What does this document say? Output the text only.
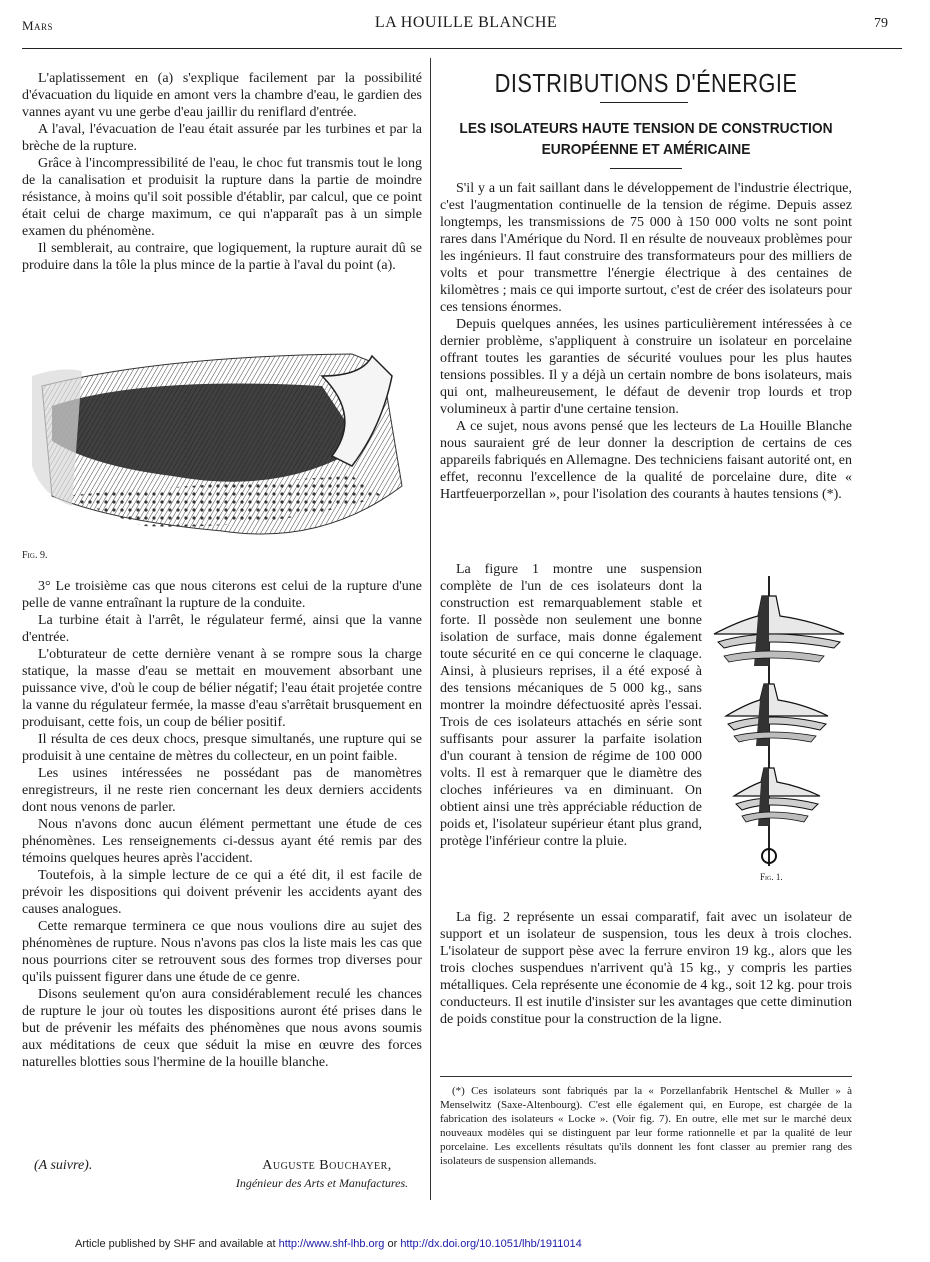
Mars	LA HOUILLE BLANCHE	79

L'aplatissement en (a) s'explique facilement par la possibilité d'évacuation du liquide en amont vers la chambre d'eau, le gardien des vannes ayant vu une gerbe d'eau jaillir du reniflard d'entrée.

A l'aval, l'évacuation de l'eau était assurée par les turbines et par la brèche de la rupture.

Grâce à l'incompressibilité de l'eau, le choc fut transmis tout le long de la canalisation et produisit la rupture dans la partie de moindre résistance, à moins qu'il soit possible d'établir, par calcul, que ce point était celui de charge maximum, ce qui n'apparaît pas à un simple examen du phénomène.

Il semblerait, au contraire, que logiquement, la rupture aurait dû se produire dans la tôle la plus mince de la partie à l'aval du point (a).

Fig. 9.

3° Le troisième cas que nous citerons est celui de la rupture d'une pelle de vanne entraînant la rupture de la conduite.

La turbine était à l'arrêt, le régulateur fermé, ainsi que la vanne d'entrée.

L'obturateur de cette dernière venant à se rompre sous la charge statique, la masse d'eau se mettait en mouvement absorbant une puissance vive, d'où le coup de bélier négatif; l'eau était projetée contre la vanne du régulateur fermée, la masse d'eau s'arrêtait brusquement en produisant, cette fois, un coup de bélier positif.

Il résulta de ces deux chocs, presque simultanés, une rupture qui se produisit à une centaine de mètres du collecteur, en un point faible.

Les usines intéressées ne possédant pas de manomètres enregistreurs, il ne reste rien concernant les deux derniers accidents dont nous venons de parler.

Nous n'avons donc aucun élément permettant une étude de ces phénomènes. Les renseignements ci-dessus ayant été remis par des témoins quelques heures après l'accident.

Toutefois, à la simple lecture de ce qui a été dit, il est facile de prévoir les dispositions qui doivent prévenir les accidents ayant des causes analogues.

Cette remarque terminera ce que nous voulions dire au sujet des phénomènes de rupture. Nous n'avons pas clos la liste mais les cas que nous pourrions citer se retrouvent sous des formes trop diverses pour qu'ils puissent figurer dans une étude de ce genre.

Disons seulement qu'on aura considérablement reculé les chances de rupture le jour où toutes les dispositions auront été prises dans le but de prévenir les méfaits des phénomènes que nous avons soumis aux méditations de ceux que séduit la mise en œuvre des forces naturelles blotties sous l'hermine de la houille blanche.

(A suivre).	Auguste Bouchayer,
Ingénieur des Arts et Manufactures.
DISTRIBUTIONS D'ÉNERGIE
LES ISOLATEURS HAUTE TENSION DE CONSTRUCTION EUROPÉENNE ET AMÉRICAINE

S'il y a un fait saillant dans le développement de l'industrie électrique, c'est l'augmentation continuelle de la tension de régime. Depuis assez longtemps, les transmissions de 75 000 à 150 000 volts ne sont point rares dans l'Amérique du Nord. Il en résulte de nouveaux problèmes pour les ingénieurs. Il faut construire des transformateurs pour des milliers de volts et pour transmettre l'énergie électrique à des centaines de kilomètres ; mais ce qui importe surtout, c'est de créer des isolateurs pour ces tensions énormes.

Depuis quelques années, les usines particulièrement intéressées à ce dernier problème, s'appliquent à construire un isolateur en porcelaine offrant toutes les garanties de sécurité voulues pour les plus hautes tensions possibles. Il y a déjà un certain nombre de bons isolateurs, mais qui ont, malheureusement, le défaut de devenir trop lourds et trop volumineux à partir d'une certaine tension.

A ce sujet, nous avons pensé que les lecteurs de La Houille Blanche nous sauraient gré de leur donner la description de certains de ces appareils fabriqués en Allemagne. Des techniciens faisant autorité ont, en effet, reconnu l'excellence de la qualité de porcelaine dure, dite « Hartfeuerporzellan », pour l'isolation des courants à hautes tensions (*).

La figure 1 montre une suspension complète de l'un de ces isolateurs dont la construction est remarquablement stable et forte. Il possède non seulement une bonne isolation de surface, mais donne également toute sécurité en ce qui concerne le claquage. Ainsi, à plusieurs reprises, il a été exposé à des tensions mécaniques de 5 000 kg., sans montrer la moindre défectuosité après l'essai. Trois de ces isolateurs attachés en série sont suffisants pour assurer la parfaite isolation d'un courant à tension de régime de 100 000 volts. Il est à remarquer que le diamètre des cloches inférieures va en diminuant. On obtient ainsi une très appréciable réduction de poids et, l'isolateur supérieur étant plus grand, protège l'inférieur contre la pluie.

Fig. 1.

La fig. 2 représente un essai comparatif, fait avec un isolateur de support et un isolateur de suspension, tous les deux à trois cloches. L'isolateur de support pèse avec la ferrure environ 19 kg., alors que les trois cloches suspendues n'arrivent qu'à 15 kg., y compris les parties métalliques. Cela représente une économie de 4 kg., soit 12 kg. pour trois conducteurs. Il est inutile d'insister sur les avantages que cette diminution de poids constitue pour la construction de la ligne.

(*) Ces isolateurs sont fabriqués par la « Porzellanfabrik Hentschel & Muller » à Menselwitz (Saxe-Altenbourg). C'est elle également qui, en Europe, est chargée de la fabrication des isolateurs « Locke ». (Voir fig. 7). En outre, elle met sur le marché deux nouveaux modèles qui se distinguent par leur forme rationnelle et par la qualité de leur porcelaine. Les excellents résultats qu'ils donnent les font classer au premier rang des isolateurs de suspension allemands.

Article published by SHF and available at http://www.shf-lhb.org or http://dx.doi.org/10.1051/lhb/1911014
